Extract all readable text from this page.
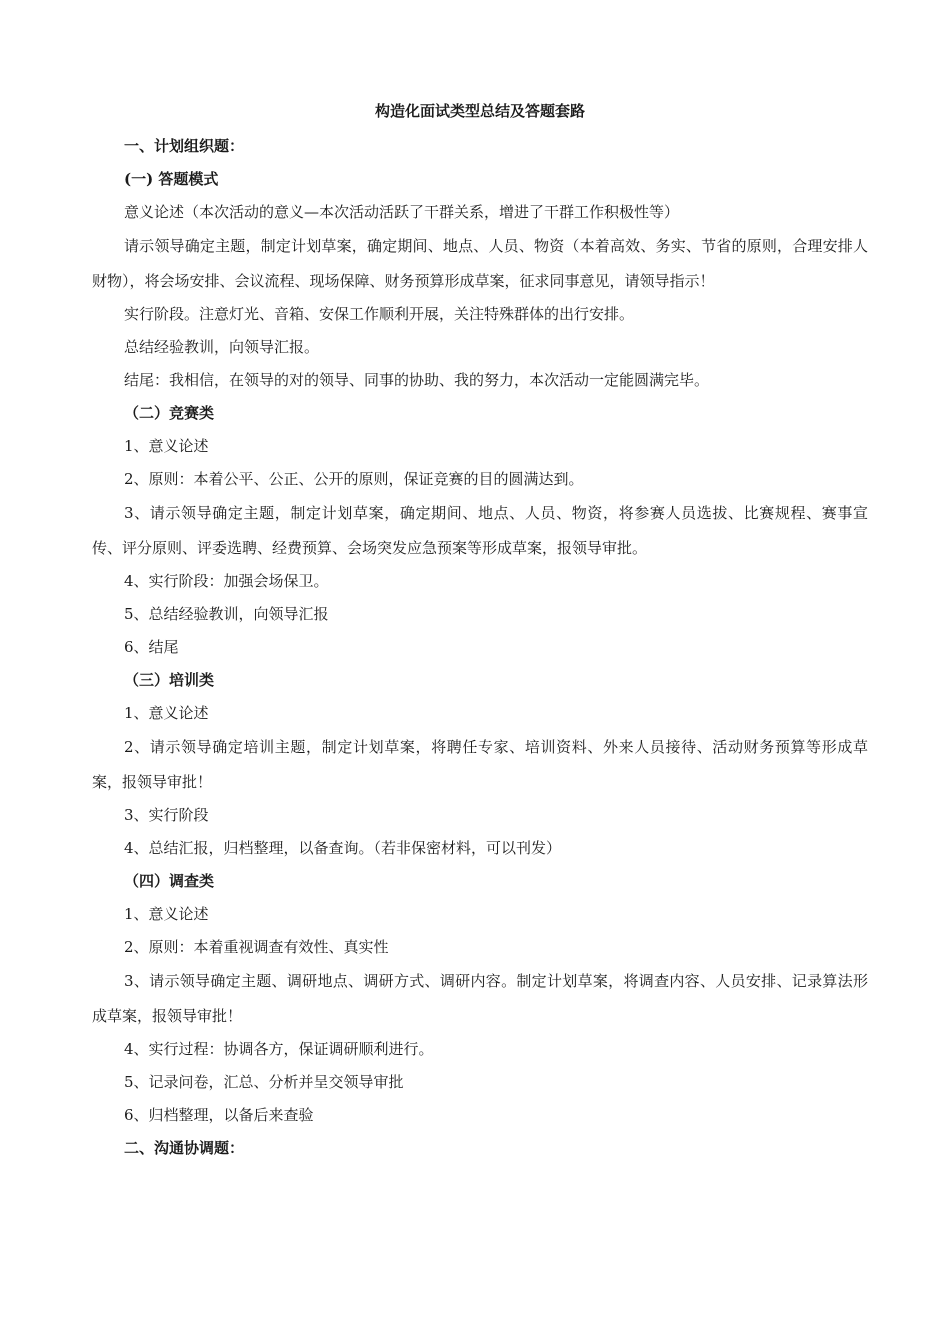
构造化面试类型总结及答题套路

一、计划组织题：

(一) 答题模式

意义论述（本次活动的意义—本次活动活跃了干群关系，增进了干群工作积极性等）

请示领导确定主题，制定计划草案，确定期间、地点、人员、物资（本着高效、务实、节省的原则，合理安排人财物），将会场安排、会议流程、现场保障、财务预算形成草案，征求同事意见，请领导指示！

实行阶段。注意灯光、音箱、安保工作顺利开展，关注特殊群体的出行安排。

总结经验教训，向领导汇报。

结尾：我相信，在领导的对的领导、同事的协助、我的努力，本次活动一定能圆满完毕。

（二）竞赛类

1、意义论述

2、原则：本着公平、公正、公开的原则，保证竞赛的目的圆满达到。

3、请示领导确定主题，制定计划草案，确定期间、地点、人员、物资，将参赛人员选拔、比赛规程、赛事宣传、评分原则、评委选聘、经费预算、会场突发应急预案等形成草案，报领导审批。

4、实行阶段：加强会场保卫。

5、总结经验教训，向领导汇报

6、结尾

（三）培训类

1、意义论述

2、请示领导确定培训主题，制定计划草案，将聘任专家、培训资料、外来人员接待、活动财务预算等形成草案，报领导审批！

3、实行阶段

4、总结汇报，归档整理，以备查询。（若非保密材料，可以刊发）

（四）调查类

1、意义论述

2、原则：本着重视调查有效性、真实性

3、请示领导确定主题、调研地点、调研方式、调研内容。制定计划草案，将调查内容、人员安排、记录算法形成草案，报领导审批！

4、实行过程：协调各方，保证调研顺利进行。

5、记录问卷，汇总、分析并呈交领导审批

6、归档整理，以备后来查验

二、沟通协调题：
